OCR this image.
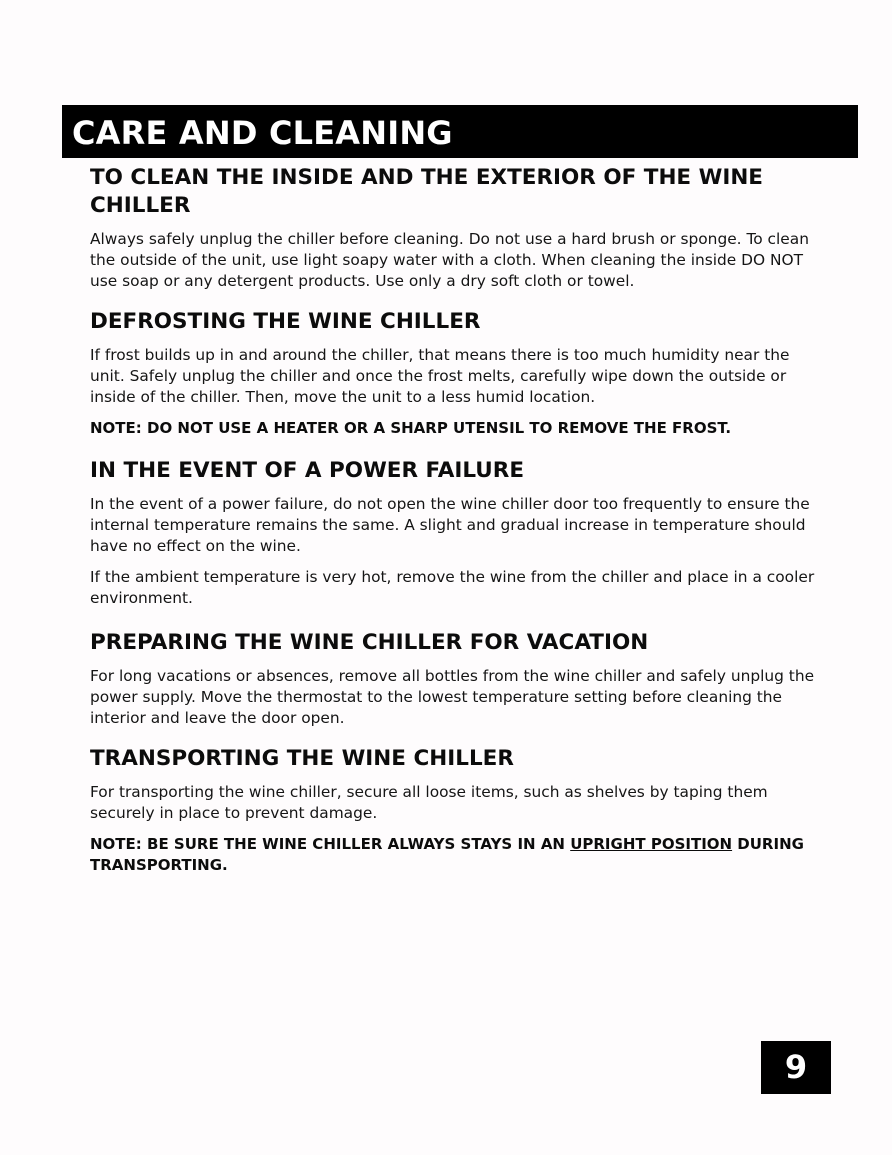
CARE AND CLEANING
TO CLEAN THE INSIDE AND THE EXTERIOR OF THE WINE CHILLER

Always safely unplug the chiller before cleaning. Do not use a hard brush or sponge. To clean the outside of the unit, use light soapy water with a cloth. When cleaning the inside DO NOT use soap or any detergent products. Use only a dry soft cloth or towel.

DEFROSTING THE WINE CHILLER

If frost builds up in and around the chiller, that means there is too much humidity near the unit. Safely unplug the chiller and once the frost melts, carefully wipe down the outside or inside of the chiller. Then, move the unit to a less humid location.

NOTE: DO NOT USE A HEATER OR A SHARP UTENSIL TO REMOVE THE FROST.

IN THE EVENT OF A POWER FAILURE

In the event of a power failure, do not open the wine chiller door too frequently to ensure the internal temperature remains the same. A slight and gradual increase in temperature should have no effect on the wine.

If the ambient temperature is very hot, remove the wine from the chiller and place in a cooler environment.

PREPARING THE WINE CHILLER FOR VACATION

For long vacations or absences, remove all bottles from the wine chiller and safely unplug the power supply. Move the thermostat to the lowest temperature setting before cleaning the interior and leave the door open.

TRANSPORTING THE WINE CHILLER

For transporting the wine chiller, secure all loose items, such as shelves by taping them securely in place to prevent damage.

NOTE: BE SURE THE WINE CHILLER ALWAYS STAYS IN AN UPRIGHT POSITION DURING TRANSPORTING.

9
